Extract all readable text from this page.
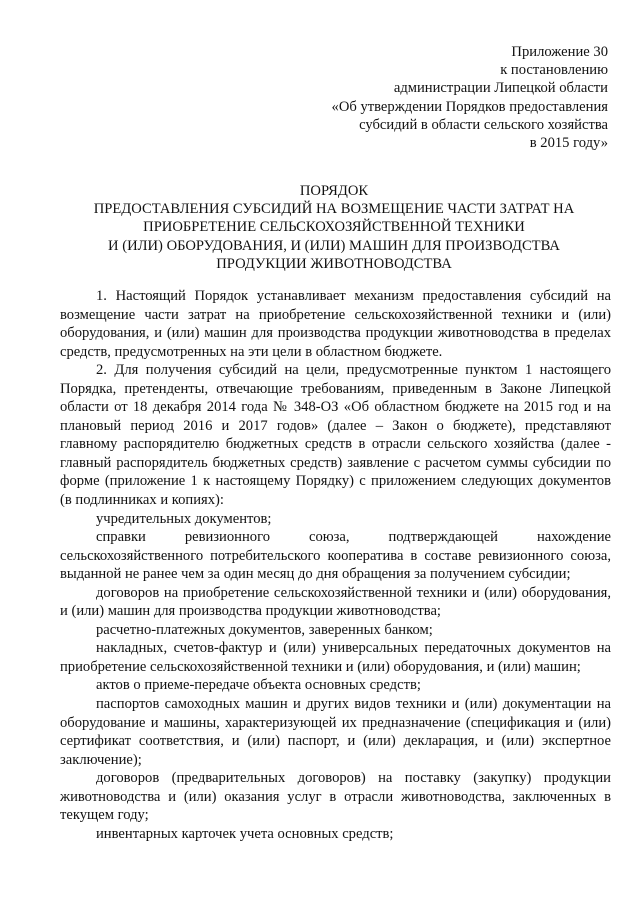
Приложение 30
к постановлению
администрации Липецкой области
«Об утверждении Порядков предоставления
субсидий в области сельского хозяйства
в 2015 году»
ПОРЯДОК
ПРЕДОСТАВЛЕНИЯ СУБСИДИЙ НА ВОЗМЕЩЕНИЕ ЧАСТИ ЗАТРАТ НА
ПРИОБРЕТЕНИЕ СЕЛЬСКОХОЗЯЙСТВЕННОЙ ТЕХНИКИ
И (ИЛИ) ОБОРУДОВАНИЯ, И (ИЛИ) МАШИН ДЛЯ ПРОИЗВОДСТВА
ПРОДУКЦИИ ЖИВОТНОВОДСТВА

1. Настоящий Порядок устанавливает механизм предоставления субсидий на возмещение части затрат на приобретение сельскохозяйственной техники и (или) оборудования, и (или) машин для производства продукции животноводства в пределах средств, предусмотренных на эти цели в областном бюджете.

2. Для получения субсидий на цели, предусмотренные пунктом 1 настоящего Порядка, претенденты, отвечающие требованиям, приведенным в Законе Липецкой области от 18 декабря 2014 года № 348-ОЗ «Об областном бюджете на 2015 год и на плановый период 2016 и 2017 годов» (далее – Закон о бюджете), представляют главному распорядителю бюджетных средств в отрасли сельского хозяйства (далее - главный распорядитель бюджетных средств) заявление с расчетом суммы субсидии по форме (приложение 1 к настоящему Порядку) с приложением следующих документов (в подлинниках и копиях):

учредительных документов;

справки ревизионного союза, подтверждающей нахождение сельскохозяйственного потребительского кооператива в составе ревизионного союза, выданной не ранее чем за один месяц до дня обращения за получением субсидии;

договоров на приобретение сельскохозяйственной техники и (или) оборудования, и (или) машин для производства продукции животноводства;

расчетно-платежных документов, заверенных банком;

накладных, счетов-фактур и (или) универсальных передаточных документов на приобретение сельскохозяйственной техники и (или) оборудования, и (или) машин;

актов о приеме-передаче объекта основных средств;

паспортов самоходных машин и других видов техники и (или) документации на оборудование и машины, характеризующей их предназначение (спецификация и (или) сертификат соответствия, и (или) паспорт, и (или) декларация, и (или) экспертное заключение);

договоров (предварительных договоров) на поставку (закупку) продукции животноводства и (или) оказания услуг в отрасли животноводства, заключенных в текущем году;

инвентарных карточек учета основных средств;
